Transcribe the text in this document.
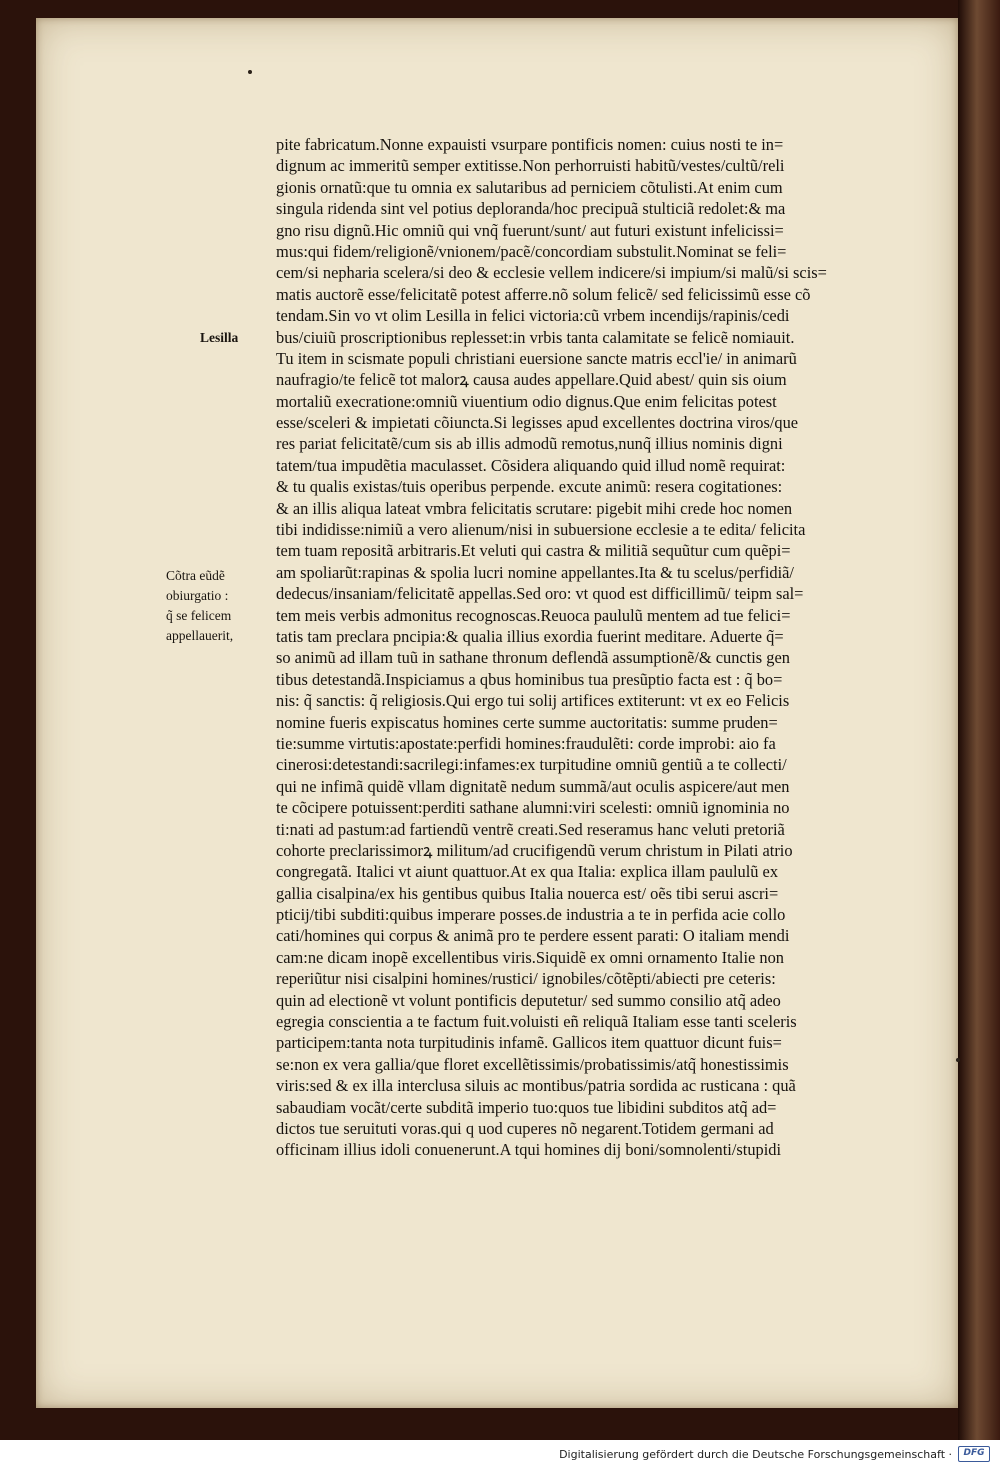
Lesilla
Cõtra eũdẽ
obiurgatio :
q̃ se felicem
appellauerit,
pite fabricatum.Nonne expauisti vsurpare pontificis nomen: cuius nosti te in=
dignum ac immeritũ semper extitisse.Non perhorruisti habitũ/vestes/cultũ/reli
gionis ornatũ:que tu omnia ex salutaribus ad perniciem cõtulisti.At enim cum
singula ridenda sint vel potius deploranda/hoc precipuã stulticiã redolet:& ma
gno risu dignũ.Hic omniũ qui vnq̃ fuerunt/sunt/ aut futuri existunt infelicissi=
mus:qui fidem/religionẽ/vnionem/pacẽ/concordiam substulit.Nominat se feli=
cem/si nepharia scelera/si deo & ecclesie vellem indicere/si impium/si malũ/si scis=
matis auctorẽ esse/felicitatẽ potest afferre.nõ solum felicẽ/ sed felicissimũ esse cõ
tendam.Sin vo vt olim Lesilla in felici victoria:cũ vrbem incendijs/rapinis/cedi
bus/ciuiũ proscriptionibus replesset:in vrbis tanta calamitate se felicẽ nomiauit.
Tu item in scismate populi christiani euersione sancte matris eccl'ie/ in animarũ
naufragio/te felicẽ tot malorꝝ causa audes appellare.Quid abest/ quin sis oium
mortaliũ execratione:omniũ viuentium odio dignus.Que enim felicitas potest
esse/sceleri & impietati cõiuncta.Si legisses apud excellentes doctrina viros/que
res pariat felicitatẽ/cum sis ab illis admodũ remotus,nunq̃ illius nominis digni
tatem/tua impudẽtia maculasset. Cõsidera aliquando quid illud nomẽ requirat:
& tu qualis existas/tuis operibus perpende. excute animũ: resera cogitationes:
& an illis aliqua lateat vmbra felicitatis scrutare: pigebit mihi crede hoc nomen
tibi indidisse:nimiũ a vero alienum/nisi in subuersione ecclesie a te edita/ felicita
tem tuam repositã arbitraris.Et veluti qui castra & militiã sequũtur cum quẽpi=
am spoliarũt:rapinas & spolia lucri nomine appellantes.Ita & tu scelus/perfidiã/
dedecus/insaniam/felicitatẽ appellas.Sed oro: vt quod est difficillimũ/ teipm sal=
tem meis verbis admonitus recognoscas.Reuoca paululũ mentem ad tue felici=
tatis tam preclara pncipia:& qualia illius exordia fuerint meditare. Aduerte q̃=
so animũ ad illam tuũ in sathane thronum deflendã assumptionẽ/& cunctis gen
tibus detestandã.Inspiciamus a qbus hominibus tua presũptio facta est : q̃ bo=
nis: q̃ sanctis: q̃ religiosis.Qui ergo tui solij artifices extiterunt: vt ex eo Felicis
nomine fueris expiscatus homines certe summe auctoritatis: summe pruden=
tie:summe virtutis:apostate:perfidi homines:fraudulẽti: corde improbi: aio fa
cinerosi:detestandi:sacrilegi:infames:ex turpitudine omniũ gentiũ a te collecti/
qui ne infimã quidẽ vllam dignitatẽ nedum summã/aut oculis aspicere/aut men
te cõcipere potuissent:perditi sathane alumni:viri scelesti: omniũ ignominia no
ti:nati ad pastum:ad fartiendũ ventrẽ creati.Sed reseramus hanc veluti pretoriã
cohorte preclarissimorꝝ militum/ad crucifigendũ verum christum in Pilati atrio
congregatã. Italici vt aiunt quattuor.At ex qua Italia: explica illam paululũ ex
gallia cisalpina/ex his gentibus quibus Italia nouerca est/ oẽs tibi serui ascri=
pticij/tibi subditi:quibus imperare posses.de industria a te in perfida acie collo
cati/homines qui corpus & animã pro te perdere essent parati: O italiam mendi
cam:ne dicam inopẽ excellentibus viris.Siquidẽ ex omni ornamento Italie non
reperiũtur nisi cisalpini homines/rustici/ ignobiles/cõtẽpti/abiecti pre ceteris:
quin ad electionẽ vt volunt pontificis deputetur/ sed summo consilio atq̃ adeo
egregia conscientia a te factum fuit.voluisti eñ reliquã Italiam esse tanti sceleris
participem:tanta nota turpitudinis infamẽ. Gallicos item quattuor dicunt fuis=
se:non ex vera gallia/que floret excellẽtissimis/probatissimis/atq̃ honestissimis
viris:sed & ex illa interclusa siluis ac montibus/patria sordida ac rusticana : quã
sabaudiam vocãt/certe subditã imperio tuo:quos tue libidini subditos atq̃ ad=
dictos tue seruituti voras.qui q uod cuperes nõ negarent.Totidem germani ad
officinam illius idoli conuenerunt.A tqui homines dij boni/somnolenti/stupidi
Digitalisierung gefördert durch die Deutsche Forschungsgemeinschaft ·	DFG
